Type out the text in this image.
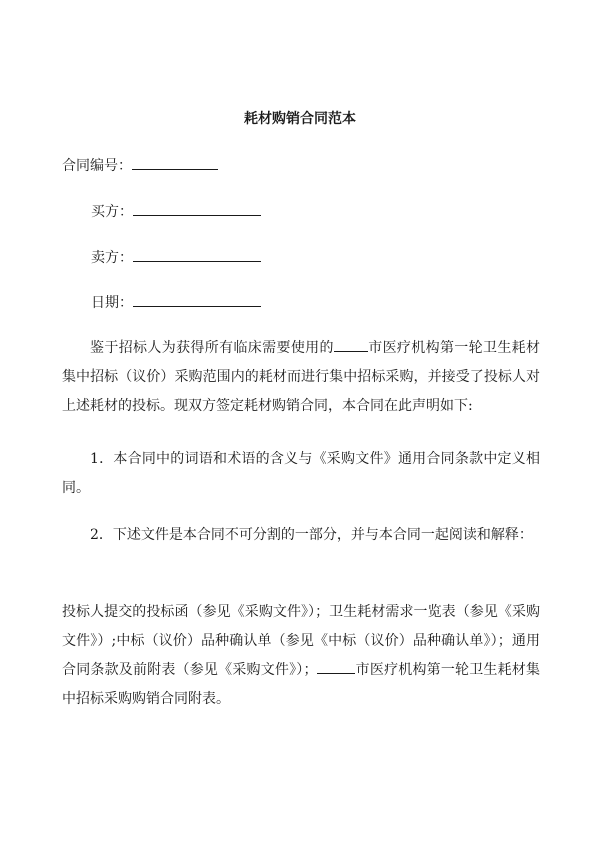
耗材购销合同范本
合同编号：
买方：
卖方：
日期：

鉴于招标人为获得所有临床需要使用的 市医疗机构第一轮卫生耗材集中招标（议价）采购范围内的耗材而进行集中招标采购，并接受了投标人对上述耗材的投标。现双方签定耗材购销合同，本合同在此声明如下:

1．本合同中的词语和术语的含义与《采购文件》通用合同条款中定义相同。

2．下述文件是本合同不可分割的一部分，并与本合同一起阅读和解释：

投标人提交的投标函（参见《采购文件》）；卫生耗材需求一览表（参见《采购文件》）;中标（议价）品种确认单（参见《中标（议价）品种确认单》）；通用合同条款及前附表（参见《采购文件》）；	市医疗机构第一轮卫生耗材集中招标采购购销合同附表。
